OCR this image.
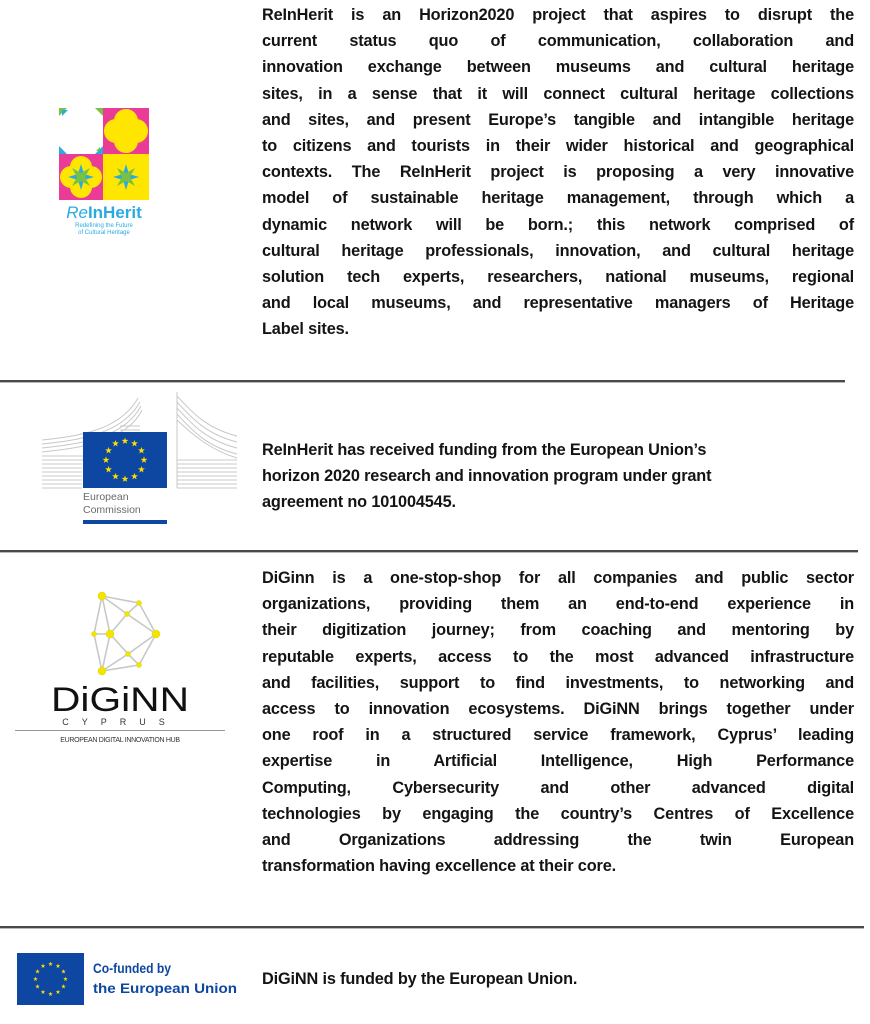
ReInHerit
Redefining the Future
of Cultural Heritage
ReInHerit is an Horizon2020 project that aspires to disrupt the
current status quo of communication, collaboration and
innovation exchange between museums and cultural heritage
sites, in a sense that it will connect cultural heritage collections
and sites, and present Europe’s tangible and intangible heritage
to citizens and tourists in their wider historical and geographical
contexts. The ReInHerit project is proposing a very innovative
model of sustainable heritage management, through which a
dynamic network will be born.; this network comprised of
cultural heritage professionals, innovation, and cultural heritage
solution tech experts, researchers, national museums, regional
and local museums, and representative managers of Heritage
Label sites.
European
Commission
ReInHerit has received funding from the European Union’s
horizon 2020 research and innovation program under grant
agreement no 101004545.
DiGiNN
CYPRUS
EUROPEAN DIGITAL INNOVATION HUB
DiGinn is a one-stop-shop for all companies and public sector
organizations, providing them an end-to-end experience in
their digitization journey; from coaching and mentoring by
reputable experts, access to the most advanced infrastructure
and facilities, support to find investments, to networking and
access to innovation ecosystems. DiGiNN brings together under
one roof in a structured service framework, Cyprus’ leading
expertise in Artificial Intelligence, High Performance
Computing, Cybersecurity and other advanced digital
technologies by engaging the country’s Centres of Excellence
and Organizations addressing the twin European
transformation having excellence at their core.
Co-funded by
the European Union
DiGiNN is funded by the European Union.
